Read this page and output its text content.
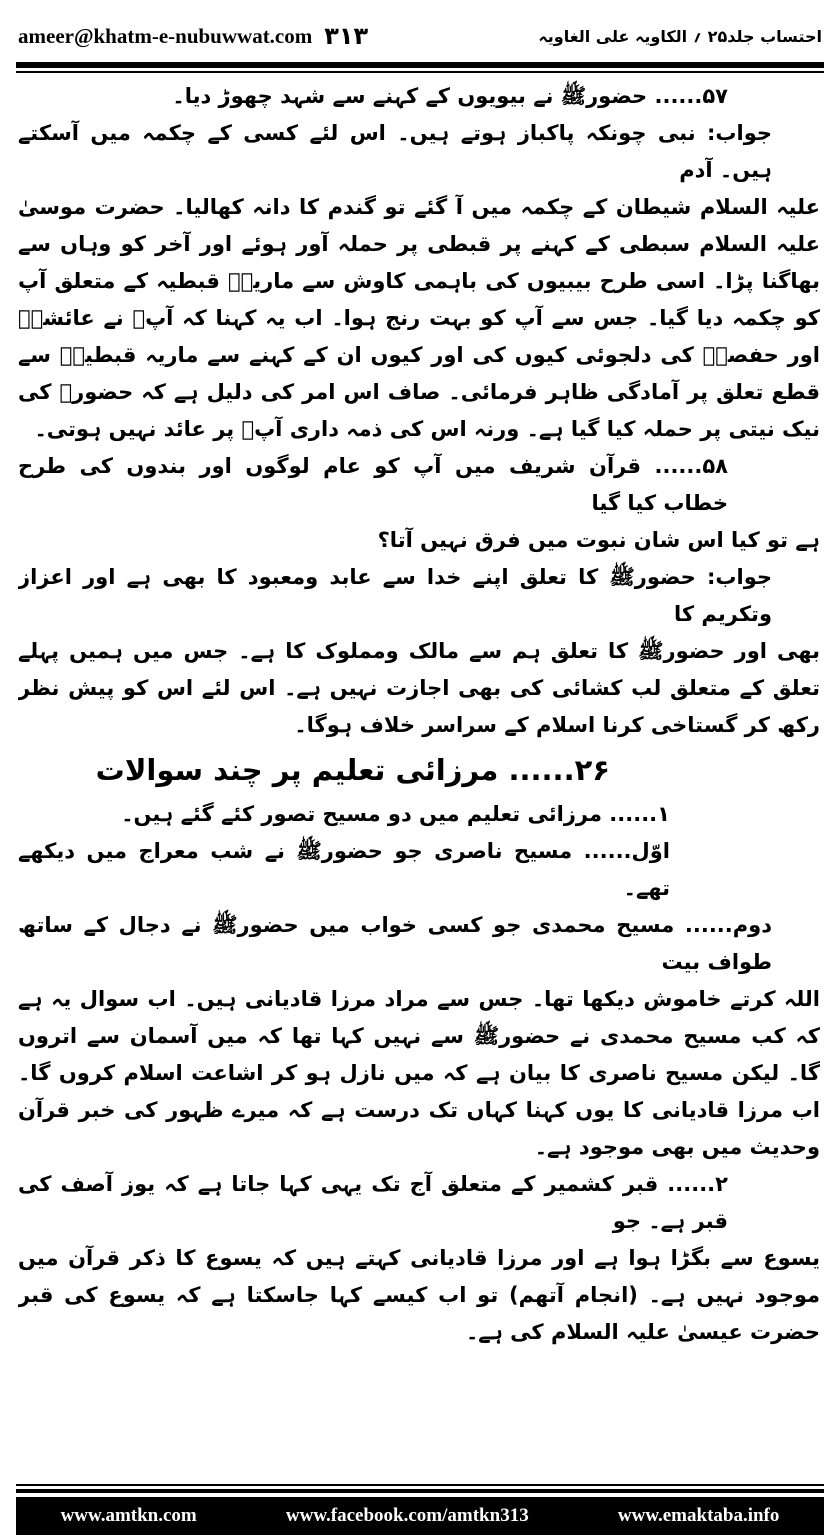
ameer@khatm-e-nubuwwat.com ٣١٣	احتساب جلد۲۵ ؍ الکاویہ علی الغاویہ

۵۷...... حضورﷺ نے بیویوں کے کہنے سے شہد چھوڑ دیا۔

جواب: نبی چونکہ پاکباز ہوتے ہیں۔ اس لئے کسی کے چکمہ میں آسکتے ہیں۔ آدم

علیہ السلام شیطان کے چکمہ میں آ گئے تو گندم کا دانہ کھالیا۔ حضرت موسیٰ علیہ السلام سبطی کے کہنے پر قبطی پر حملہ آور ہوئے اور آخر کو وہاں سے بھاگنا پڑا۔ اسی طرح بیبیوں کی باہمی کاوش سے ماریہؓ قبطیہ کے متعلق آپ کو چکمہ دیا گیا۔ جس سے آپ کو بہت رنج ہوا۔ اب یہ کہنا کہ آپؐ نے عائشہؓ اور حفصہؓ کی دلجوئی کیوں کی اور کیوں ان کے کہنے سے ماریہ قبطیہؓ سے قطع تعلق پر آمادگی ظاہر فرمائی۔ صاف اس امر کی دلیل ہے کہ حضورﷺ کی نیک نیتی پر حملہ کیا گیا ہے۔ ورنہ اس کی ذمہ داری آپؐ پر عائد نہیں ہوتی۔

۵۸...... قرآن شریف میں آپ کو عام لوگوں اور بندوں کی طرح خطاب کیا گیا

ہے تو کیا اس شان نبوت میں فرق نہیں آتا؟

جواب: حضورﷺ کا تعلق اپنے خدا سے عابد ومعبود کا بھی ہے اور اعزاز وتکریم کا

بھی اور حضورﷺ کا تعلق ہم سے مالک ومملوک کا ہے۔ جس میں ہمیں پہلے تعلق کے متعلق لب کشائی کی بھی اجازت نہیں ہے۔ اس لئے اس کو پیش نظر رکھ کر گستاخی کرنا اسلام کے سراسر خلاف ہوگا۔

۲۶...... مرزائی تعلیم پر چند سوالات

۱...... مرزائی تعلیم میں دو مسیح تصور کئے گئے ہیں۔

اوّل...... مسیح ناصری جو حضورﷺ نے شب معراج میں دیکھے تھے۔

دوم...... مسیح محمدی جو کسی خواب میں حضورﷺ نے دجال کے ساتھ طواف بیت

اللہ کرتے خاموش دیکھا تھا۔ جس سے مراد مرزا قادیانی ہیں۔ اب سوال یہ ہے کہ کب مسیح محمدی نے حضورﷺ سے نہیں کہا تھا کہ میں آسمان سے اتروں گا۔ لیکن مسیح ناصری کا بیان ہے کہ میں نازل ہو کر اشاعت اسلام کروں گا۔ اب مرزا قادیانی کا یوں کہنا کہاں تک درست ہے کہ میرے ظہور کی خبر قرآن وحدیث میں بھی موجود ہے۔

۲...... قبر کشمیر کے متعلق آج تک یہی کہا جاتا ہے کہ یوز آصف کی قبر ہے۔ جو

یسوع سے بگڑا ہوا ہے اور مرزا قادیانی کہتے ہیں کہ یسوع کا ذکر قرآن میں موجود نہیں ہے۔ (انجام آتھم) تو اب کیسے کہا جاسکتا ہے کہ یسوع کی قبر حضرت عیسیٰ علیہ السلام کی ہے۔

www.amtkn.com	www.facebook.com/amtkn313	www.emaktaba.info
